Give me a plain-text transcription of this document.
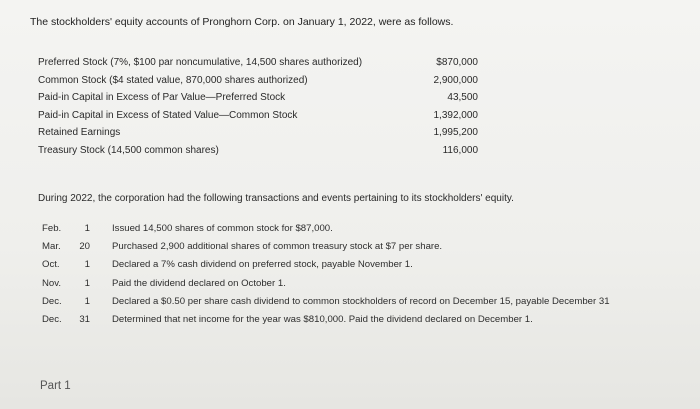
The stockholders' equity accounts of Pronghorn Corp. on January 1, 2022, were as follows.
Preferred Stock (7%, $100 par noncumulative, 14,500 shares authorized)	$870,000
Common Stock ($4 stated value, 870,000 shares authorized)	2,900,000
Paid-in Capital in Excess of Par Value—Preferred Stock	43,500
Paid-in Capital in Excess of Stated Value—Common Stock	1,392,000
Retained Earnings	1,995,200
Treasury Stock (14,500 common shares)	116,000
During 2022, the corporation had the following transactions and events pertaining to its stockholders' equity.
Feb.	1 Issued 14,500 shares of common stock for $87,000.
Mar.	20 Purchased 2,900 additional shares of common treasury stock at $7 per share.
Oct.	1 Declared a 7% cash dividend on preferred stock, payable November 1.
Nov.	1 Paid the dividend declared on October 1.
Dec.	1 Declared a $0.50 per share cash dividend to common stockholders of record on December 15, payable December 31
Dec.	31 Determined that net income for the year was $810,000. Paid the dividend declared on December 1.
Part 1
